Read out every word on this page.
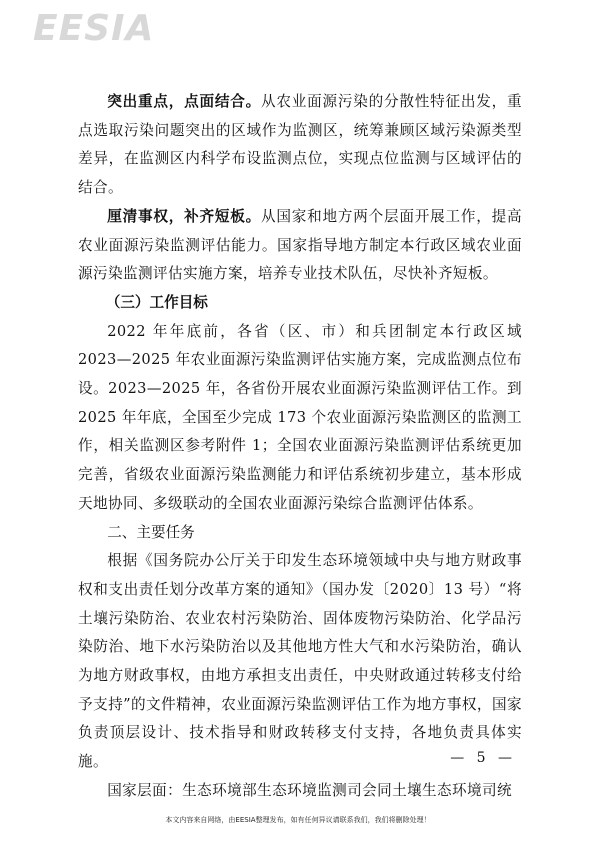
EESIA

突出重点，点面结合。从农业面源污染的分散性特征出发，重点选取污染问题突出的区域作为监测区，统筹兼顾区域污染源类型差异，在监测区内科学布设监测点位，实现点位监测与区域评估的结合。

厘清事权，补齐短板。从国家和地方两个层面开展工作，提高农业面源污染监测评估能力。国家指导地方制定本行政区域农业面源污染监测评估实施方案，培养专业技术队伍，尽快补齐短板。

（三）工作目标

2022 年年底前，各省（区、市）和兵团制定本行政区域 2023—2025 年农业面源污染监测评估实施方案，完成监测点位布设。2023—2025 年，各省份开展农业面源污染监测评估工作。到 2025 年年底，全国至少完成 173 个农业面源污染监测区的监测工作，相关监测区参考附件 1；全国农业面源污染监测评估系统更加完善，省级农业面源污染监测能力和评估系统初步建立，基本形成天地协同、多级联动的全国农业面源污染综合监测评估体系。

二、主要任务

根据《国务院办公厅关于印发生态环境领域中央与地方财政事权和支出责任划分改革方案的通知》（国办发〔2020〕13 号）“将土壤污染防治、农业农村污染防治、固体废物污染防治、化学品污染防治、地下水污染防治以及其他地方性大气和水污染防治，确认为地方财政事权，由地方承担支出责任，中央财政通过转移支付给予支持”的文件精神，农业面源污染监测评估工作为地方事权，国家负责顶层设计、技术指导和财政转移支付支持，各地负责具体实施。

国家层面：生态环境部生态环境监测司会同土壤生态环境司统

— 5 —
本文内容来自网络，由EESIA整理发布，如有任何异议请联系我们，我们将删除处理！
